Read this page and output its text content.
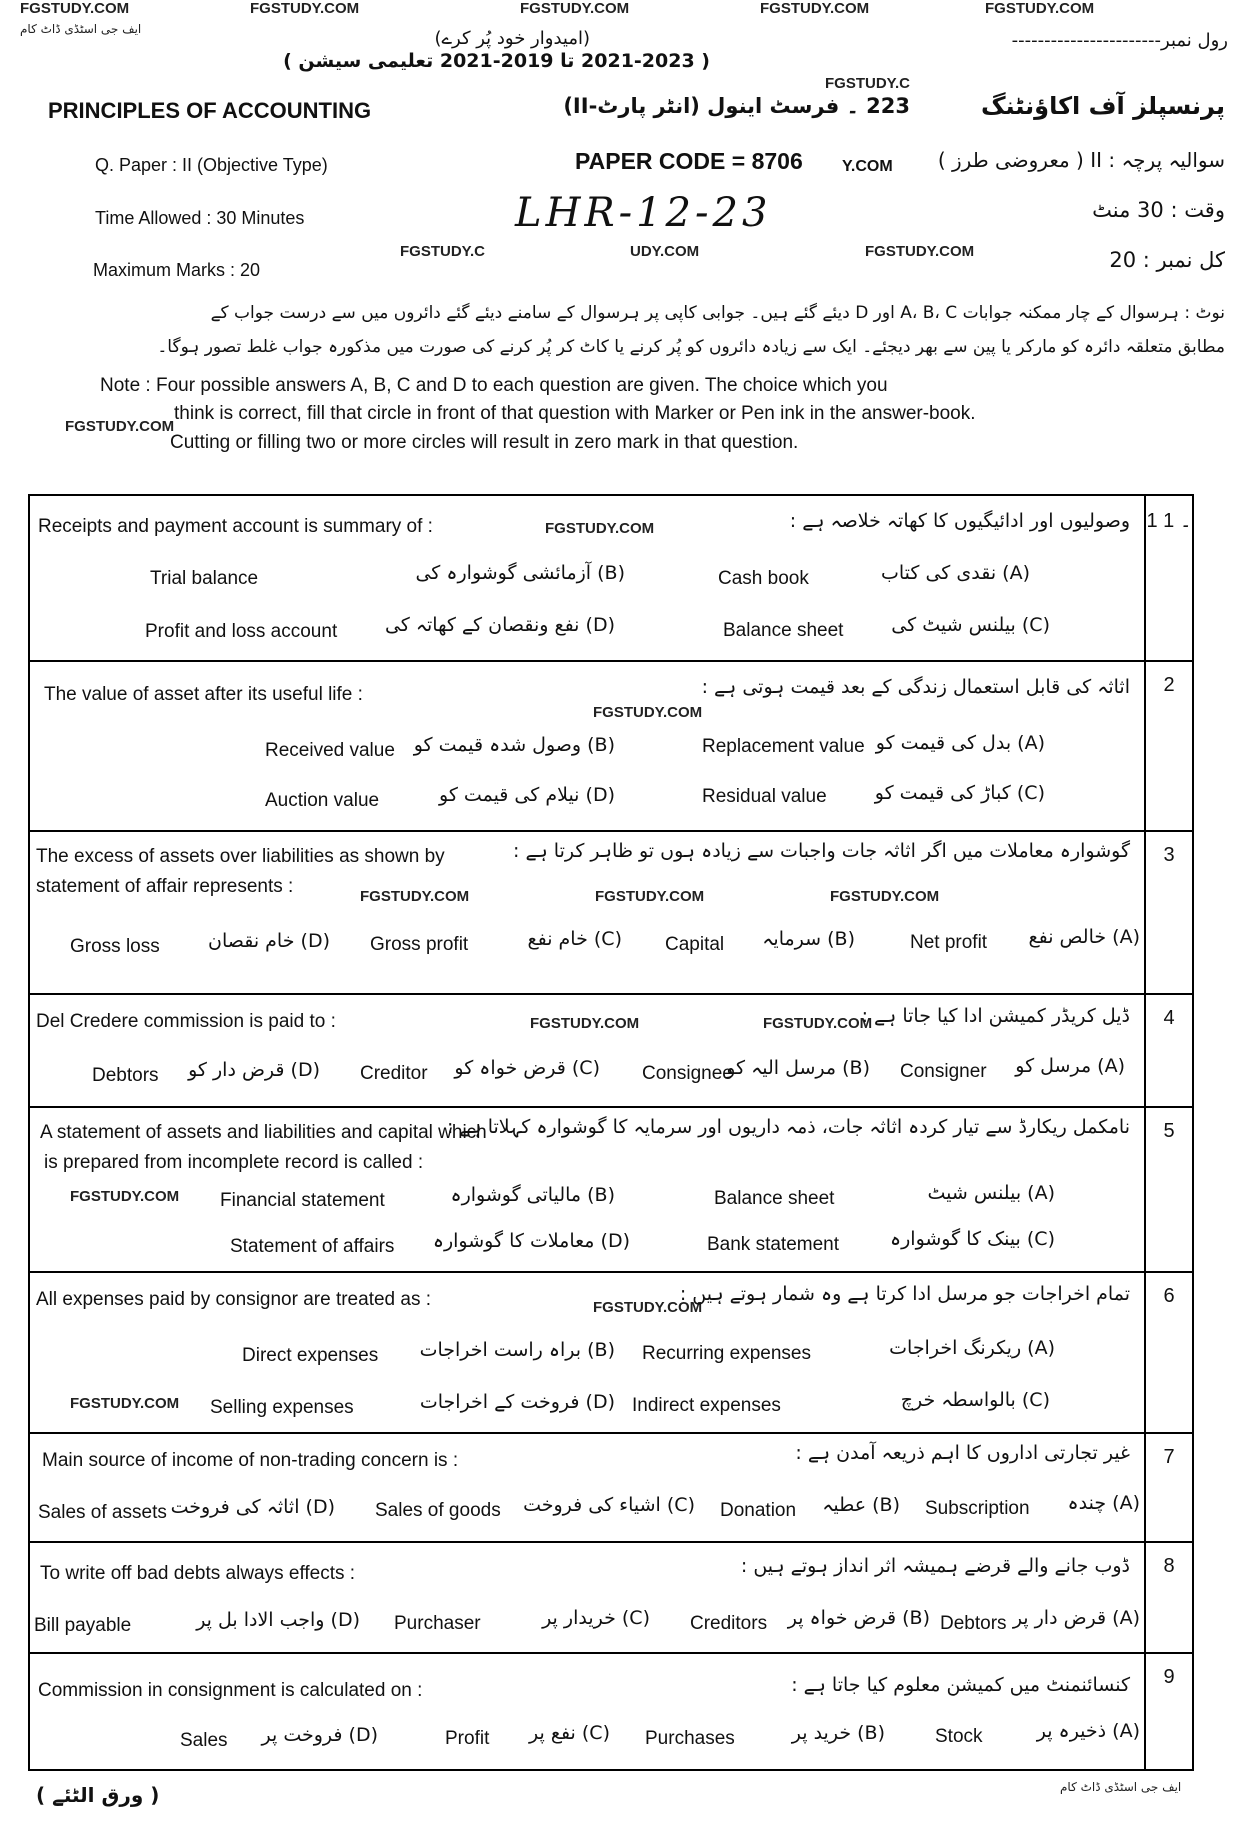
FGSTUDY.COM	FGSTUDY.COM	FGSTUDY.COM	FGSTUDY.COM	FGSTUDY.COM
ایف جی اسٹڈی ڈاٹ کام
رول نمبر-----------------------
(امیدوار خود پُر کرے)
( 2021-2023 تا 2019-2021 تعلیمی سیشن )
FGSTUDY.C
PRINCIPLES OF ACCOUNTING	223 ۔ فرسٹ اینول (انٹر پارٹ-II)	پرنسپلز آف اکاؤنٹنگ
Q. Paper : II (Objective Type)	PAPER CODE = 8706 Y.COM سوالیہ پرچہ : II ( معروضی طرز )
Time Allowed : 30 Minutes	LHR-12-23	وقت : 30 منٹ
FGSTUDY.C	UDY.COM	FGSTUDY.COM
Maximum Marks : 20	کل نمبر : 20
نوٹ : ہرسوال کے چار ممکنہ جوابات A، B، C اور D دیئے گئے ہیں۔ جوابی کاپی پر ہرسوال کے سامنے دیئے گئے دائروں میں سے درست جواب کے
مطابق متعلقہ دائرہ کو مارکر یا پین سے بھر دیجئے۔ ایک سے زیادہ دائروں کو پُر کرنے یا کاٹ کر پُر کرنے کی صورت میں مذکورہ جواب غلط تصور ہوگا۔
Note : Four possible answers A, B, C and D to each question are given. The choice which you
FGSTUDY.COM
think is correct, fill that circle in front of that question with Marker or Pen ink in the answer-book.
Cutting or filling two or more circles will result in zero mark in that question.
1 ۔ 1
Receipts and payment account is summary of :	FGSTUDY.COM	وصولیوں اور ادائیگیوں کا کھاتہ خلاصہ ہے :
Trial balance	(B) آزمائشی گوشوارہ کی	Cash book	(A) نقدی کی کتاب
Profit and loss account	(D) نفع ونقصان کے کھاتہ کی	Balance sheet	(C) بیلنس شیٹ کی
2
The value of asset after its useful life :
FGSTUDY.COM
اثاثہ کی قابل استعمال زندگی کے بعد قیمت ہوتی ہے :
Received value (B) وصول شدہ قیمت کو	Replacement value (A) بدل کی قیمت کو
Auction value	(D) نیلام کی قیمت کو	Residual value	(C) کباڑ کی قیمت کو
3
The excess of assets over liabilities as shown by
statement of affair represents :	FGSTUDY.COM	FGSTUDY.COM	FGSTUDY.COM
گوشوارہ معاملات میں اگر اثاثہ جات واجبات سے زیادہ ہوں تو ظاہر کرتا ہے :
Gross loss	(D) خام نقصان Gross profit	(C) خام نفع Capital	(B) سرمایہ	Net profit	(A) خالص نفع
4
Del Credere commission is paid to :	FGSTUDY.COM	FGSTUDY.COM
ڈیل کریڈر کمیشن ادا کیا جاتا ہے :
Debtors (D) قرض دار کو Creditor (C) قرض خواہ کو Consignee
(B) مرسل الیہ کو Consigner	(A) مرسل کو
5
A statement of assets and liabilities and capital which
is prepared from incomplete record is called :
نامکمل ریکارڈ سے تیار کردہ اثاثہ جات، ذمہ داریوں اور سرمایہ کا گوشوارہ کہلاتا ہے :
FGSTUDY.COM Financial statement	(B) مالیاتی گوشوارہ	Balance sheet	(A) بیلنس شیٹ
Statement of affairs (D) معاملات کا گوشوارہ	Bank statement	(C) بینک کا گوشوارہ
6
All expenses paid by consignor are treated as :	FGSTUDY.COM
تمام اخراجات جو مرسل ادا کرتا ہے وہ شمار ہوتے ہیں :
Direct expenses	(B) براہ راست اخراجات Recurring expenses	(A) ریکرنگ اخراجات
FGSTUDY.COM Selling expenses	(D) فروخت کے اخراجات Indirect expenses	(C) بالواسطہ خرچ
7
Main source of income of non-trading concern is :	غیر تجارتی اداروں کا اہم ذریعہ آمدن ہے :
Sales of assets (D) اثاثہ کی فروخت Sales of goods (C) اشیاء کی فروخت Donation	(B) عطیہ Subscription	(A) چندہ
8
To write off bad debts always effects :	ڈوب جانے والے قرضے ہمیشہ اثر انداز ہوتے ہیں :
Bill payable	(D) واجب الادا بل پر Purchaser	(C) خریدار پر Creditors (B) قرض خواہ پر Debtors (A) قرض دار پر
9
Commission in consignment is calculated on :	کنسائنمنٹ میں کمیشن معلوم کیا جاتا ہے :
Sales	(D) فروخت پر	Profit	(C) نفع پر Purchases	(B) خرید پر	Stock	(A) ذخیرہ پر
( ورق الٹئے )	ایف جی اسٹڈی ڈاٹ کام
